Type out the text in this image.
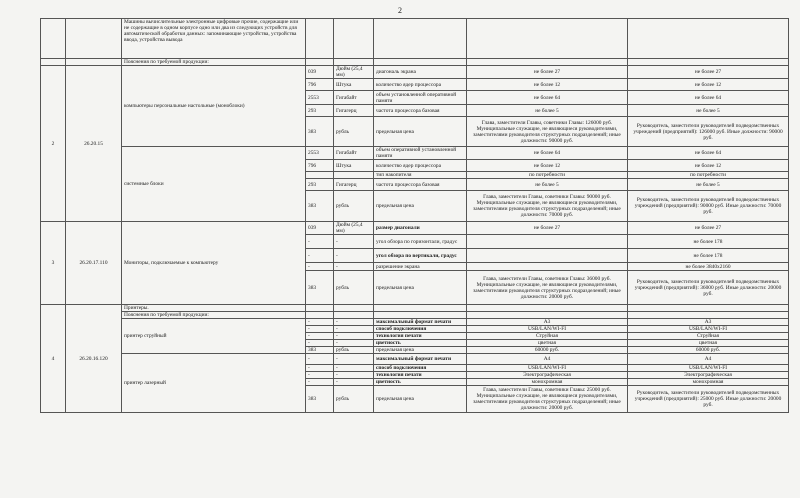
2
		Машины вычислительные электронные цифровые прочие, содержащие или не содержащие в одном корпусе одно или два из следующих устройств для автоматической обработки данных: запоминающие устройства, устройства ввода, устройства вывода					
		Пояснения по требуемой продукции:					
2	26.20.15	компьютеры персональные настольные (моноблоки)	039	Дюйм (25,4 мм)	диагональ экрана	не более 27	не более 27
			796	Штука	количество ядер процессора	не более 12	не более 12
			2553	Гигабайт	объем установленной оперативной памяти	не более 64	не более 64
			293	Гигагерц	частота процессора базовая	не более 5	не более 5
			383	рубль	предельная цена	Глава, заместители Главы, советники Главы: 126000 руб. Муниципальные служащие, не являющиеся руководителями, заместителями руководителя структурных подразделений; иные должности: 90000 руб.	Руководитель, заместители руководителей подведомственных учреждений (предприятий): 126000 руб. Иные должности: 90000 руб.
		системные блоки	2553	Гигабайт	объем оперативной установленной памяти	не более 64	не более 64
			796	Штука	количество ядер процессора	не более 12	не более 12
					тип накопителя	по потребности	по потребности
			293	Гигагерц	частота процессора базовая	не более 5	не более 5
			383	рубль	предельная цена	Глава, заместители Главы, советники Главы: 90000 руб. Муниципальные служащие, не являющиеся руководителями, заместителями руководителя структурных подразделений; иные должности: 70000 руб.	Руководитель, заместители руководителей подведомственных учреждений (предприятий): 90000 руб. Иные должности: 70000 руб.
3	26.20.17.110	Мониторы, подключаемые к компьютеру	039	Дюйм (25,4 мм)	размер диагонали	не более 27	не более 27
			-	-	угол обзора по горизонтали, градус		не более 178
			-	-	угол обзора по вертикали, градус		не более 178
			-	-	разрешение экрана		не более 3840x2160
			383	рубль	предельная цена	Глава, заместители Главы, советники Главы: 36000 руб. Муниципальные служащие, не являющиеся руководителями, заместителями руководителя структурных подразделений; иные должности: 20000 руб.	Руководитель, заместители руководителей подведомственных учреждений (предприятий): 36000 руб. Иные должности: 20000 руб.
4	26.20.16.120	Принтеры.					
		Пояснения по требуемой продукции:					
		принтер струйный	-	-	максимальный формат печати	А3	А3
			-	-	способ подключения	USB/LAN/WI-FI	USB/LAN/WI-FI
			-	-	технология печати	Струйная	Струйная
			-	-	цветность	цветная	цветная
			383	рубль	предельная цена	60000 руб.	60000 руб.
		принтер лазерный	-	-	максимальный формат печати	А4	А4
			-	-	способ подключения	USB/LAN/WI-FI	USB/LAN/WI-FI
			-	-	технология печати	Электрографическая	Электрографическая
			-	-	цветность	монохромная	монохромная
			383	рубль	предельная цена	Глава, заместители Главы, советники Главы: 25000 руб. Муниципальные служащие, не являющиеся руководителями, заместителями руководителя структурных подразделений; иные должности: 20000 руб.	Руководитель, заместители руководителей подведомственных учреждений (предприятий): 25000 руб. Иные должности: 20000 руб.
